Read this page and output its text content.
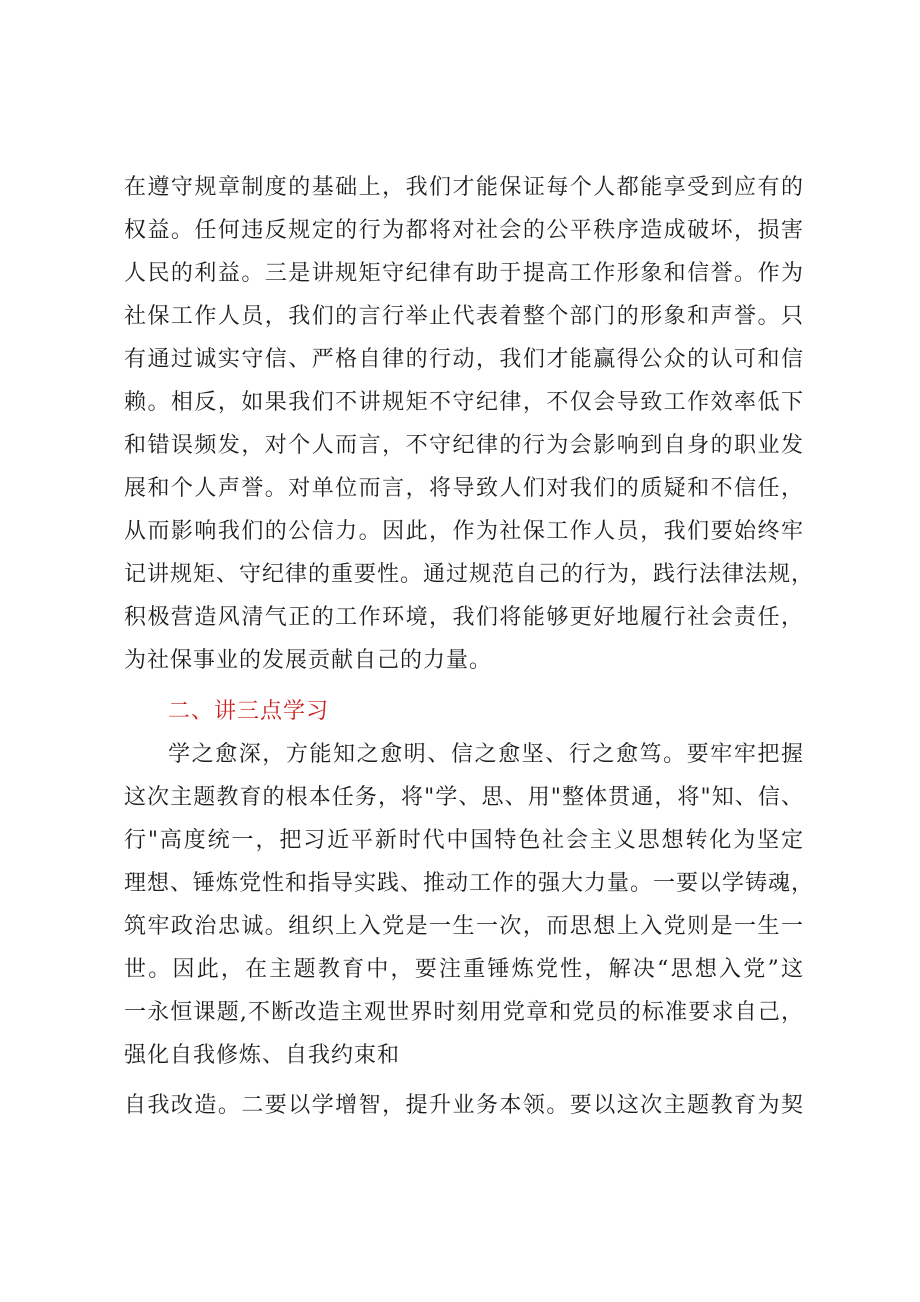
在遵守规章制度的基础上，我们才能保证每个人都能享受到应有的
权益。任何违反规定的行为都将对社会的公平秩序造成破坏，损害
人民的利益。三是讲规矩守纪律有助于提高工作形象和信誉。作为
社保工作人员，我们的言行举止代表着整个部门的形象和声誉。只
有通过诚实守信、严格自律的行动，我们才能赢得公众的认可和信
赖。相反，如果我们不讲规矩不守纪律，不仅会导致工作效率低下
和错误频发，对个人而言，不守纪律的行为会影响到自身的职业发
展和个人声誉。对单位而言，将导致人们对我们的质疑和不信任，
从而影响我们的公信力。因此，作为社保工作人员，我们要始终牢
记讲规矩、守纪律的重要性。通过规范自己的行为，践行法律法规，
积极营造风清气正的工作环境，我们将能够更好地履行社会责任，
为社保事业的发展贡献自己的力量。
二、讲三点学习
学之愈深，方能知之愈明、信之愈坚、行之愈笃。要牢牢把握
这次主题教育的根本任务，将"学、思、用"整体贯通，将"知、信、
行"高度统一，把习近平新时代中国特色社会主义思想转化为坚定
理想、锤炼党性和指导实践、推动工作的强大力量。一要以学铸魂，
筑牢政治忠诚。组织上入党是一生一次，而思想上入党则是一生一
世。因此，在主题教育中，要注重锤炼党性，解决“思想入党”这
一永恒课题,不断改造主观世界时刻用党章和党员的标准要求自己，
强化自我修炼、自我约束和
自我改造。二要以学增智，提升业务本领。要以这次主题教育为契
